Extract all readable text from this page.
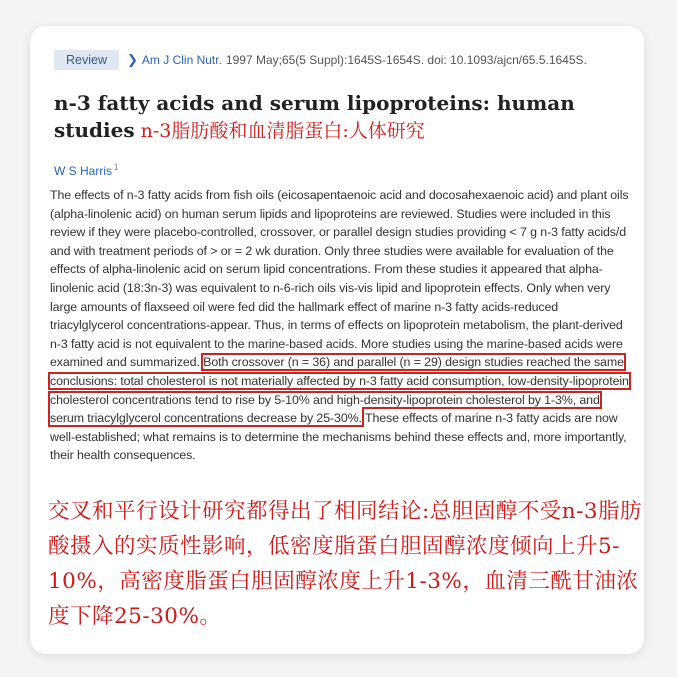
Review	❯ Am J Clin Nutr. 1997 May;65(5 Suppl):1645S-1654S. doi: 10.1093/ajcn/65.5.1645S.
n-3 fatty acids and serum lipoproteins: human studies n-3脂肪酸和血清脂蛋白:人体研究
W S Harris $^1$

The effects of n-3 fatty acids from fish oils (eicosapentaenoic acid and docosahexaenoic acid) and plant oils (alpha-linolenic acid) on human serum lipids and lipoproteins are reviewed. Studies were included in this review if they were placebo-controlled, crossover, or parallel design studies providing < 7 g n-3 fatty acids/d and with treatment periods of > or = 2 wk duration. Only three studies were available for evaluation of the effects of alpha-linolenic acid on serum lipid concentrations. From these studies it appeared that alpha-linolenic acid (18:3n-3) was equivalent to n-6-rich oils vis-vis lipid and lipoprotein effects. Only when very large amounts of flaxseed oil were fed did the hallmark effect of marine n-3 fatty acids-reduced triacylglycerol concentrations-appear. Thus, in terms of effects on lipoprotein metabolism, the plant-derived n-3 fatty acid is not equivalent to the marine-based acids. More studies using the marine-based acids were examined and summarized. Both crossover (n = 36) and parallel (n = 29) design studies reached the same conclusions: total cholesterol is not materially affected by n-3 fatty acid consumption, low-density-lipoprotein cholesterol concentrations tend to rise by 5-10% and high-density-lipoprotein cholesterol by 1-3%, and serum triacylglycerol concentrations decrease by 25-30%. These effects of marine n-3 fatty acids are now well-established; what remains is to determine the mechanisms behind these effects and, more importantly, their health consequences.

交叉和平行设计研究都得出了相同结论:总胆固醇不受n-3脂肪酸摄入的实质性影响，低密度脂蛋白胆固醇浓度倾向上升5-10%，高密度脂蛋白胆固醇浓度上升1-3%，血清三酰甘油浓度下降25-30%。
